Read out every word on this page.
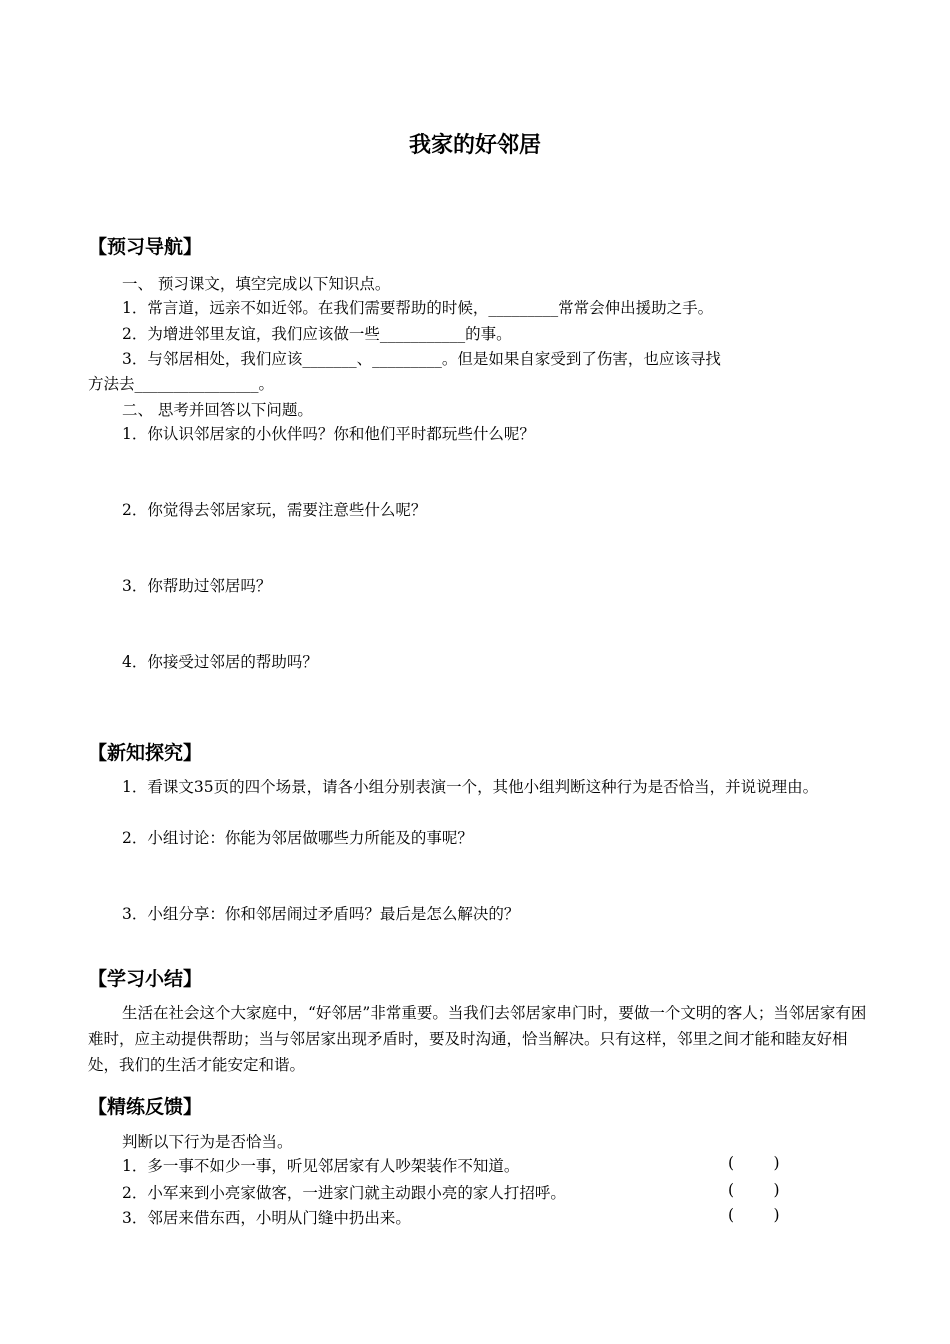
我家的好邻居
【预习导航】
一、 预习课文，填空完成以下知识点。
1．常言道，远亲不如近邻。在我们需要帮助的时候，_________常常会伸出援助之手。
2．为增进邻里友谊，我们应该做一些___________的事。
3．与邻居相处，我们应该_______、_________。但是如果自家受到了伤害，也应该寻找
方法去________________。
二、 思考并回答以下问题。
1．你认识邻居家的小伙伴吗？你和他们平时都玩些什么呢？
2．你觉得去邻居家玩，需要注意些什么呢？
3．你帮助过邻居吗？
4．你接受过邻居的帮助吗？
【新知探究】
1．看课文35页的四个场景，请各小组分别表演一个，其他小组判断这种行为是否恰当，并说说理由。
2．小组讨论：你能为邻居做哪些力所能及的事呢？
3．小组分享：你和邻居闹过矛盾吗？最后是怎么解决的？
【学习小结】
生活在社会这个大家庭中，“好邻居”非常重要。当我们去邻居家串门时，要做一个文明的客人；当邻居家有困难时，应主动提供帮助；当与邻居家出现矛盾时，要及时沟通，恰当解决。只有这样，邻里之间才能和睦友好相处，我们的生活才能安定和谐。
【精练反馈】
判断以下行为是否恰当。
1．多一事不如少一事，听见邻居家有人吵架装作不知道。	(        )
2．小军来到小亮家做客，一进家门就主动跟小亮的家人打招呼。	(        )
3．邻居来借东西，小明从门缝中扔出来。	(        )
